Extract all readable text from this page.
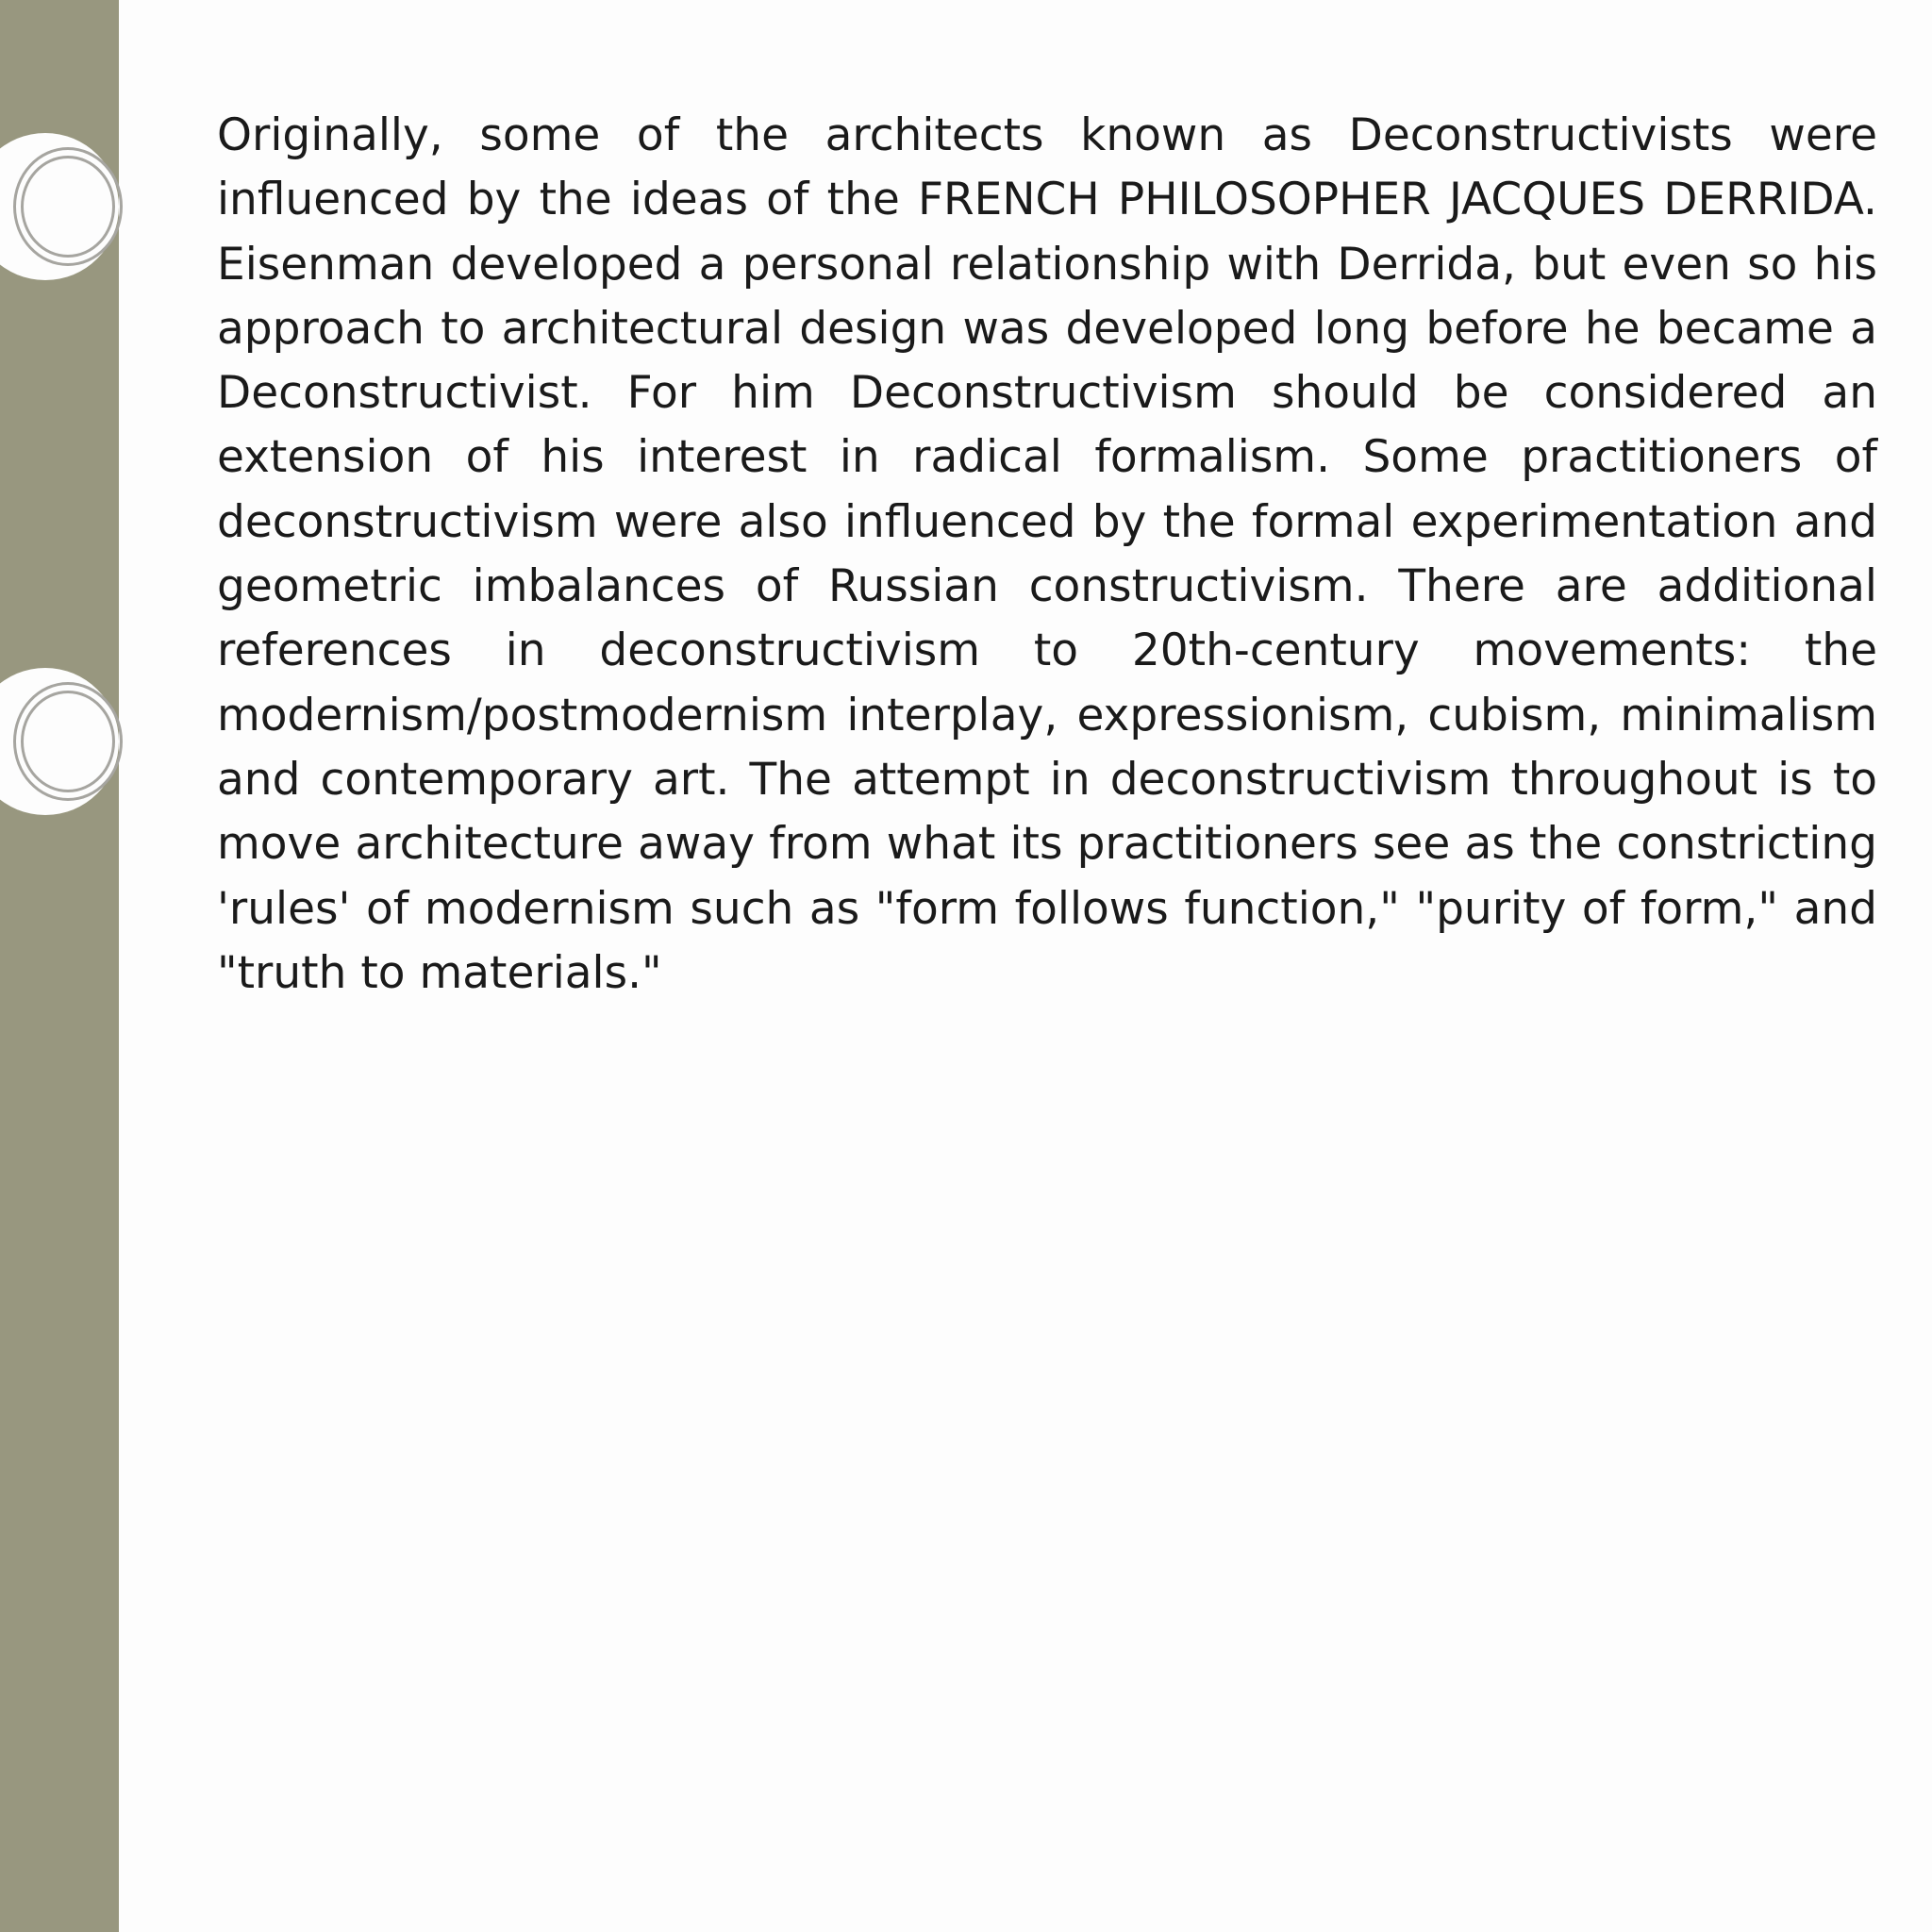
Originally, some of the architects known as Deconstructivists were influenced by the ideas of the FRENCH PHILOSOPHER JACQUES DERRIDA. Eisenman developed a personal relationship with Derrida, but even so his approach to architectural design was developed long before he became a Deconstructivist. For him Deconstructivism should be considered an extension of his interest in radical formalism. Some practitioners of deconstructivism were also influenced by the formal experimentation and geometric imbalances of Russian constructivism. There are additional references in deconstructivism to 20th-century movements: the modernism/postmodernism interplay, expressionism, cubism, minimalism and contemporary art. The attempt in deconstructivism throughout is to move architecture away from what its practitioners see as the constricting 'rules' of modernism such as "form follows function," "purity of form," and "truth to materials."
